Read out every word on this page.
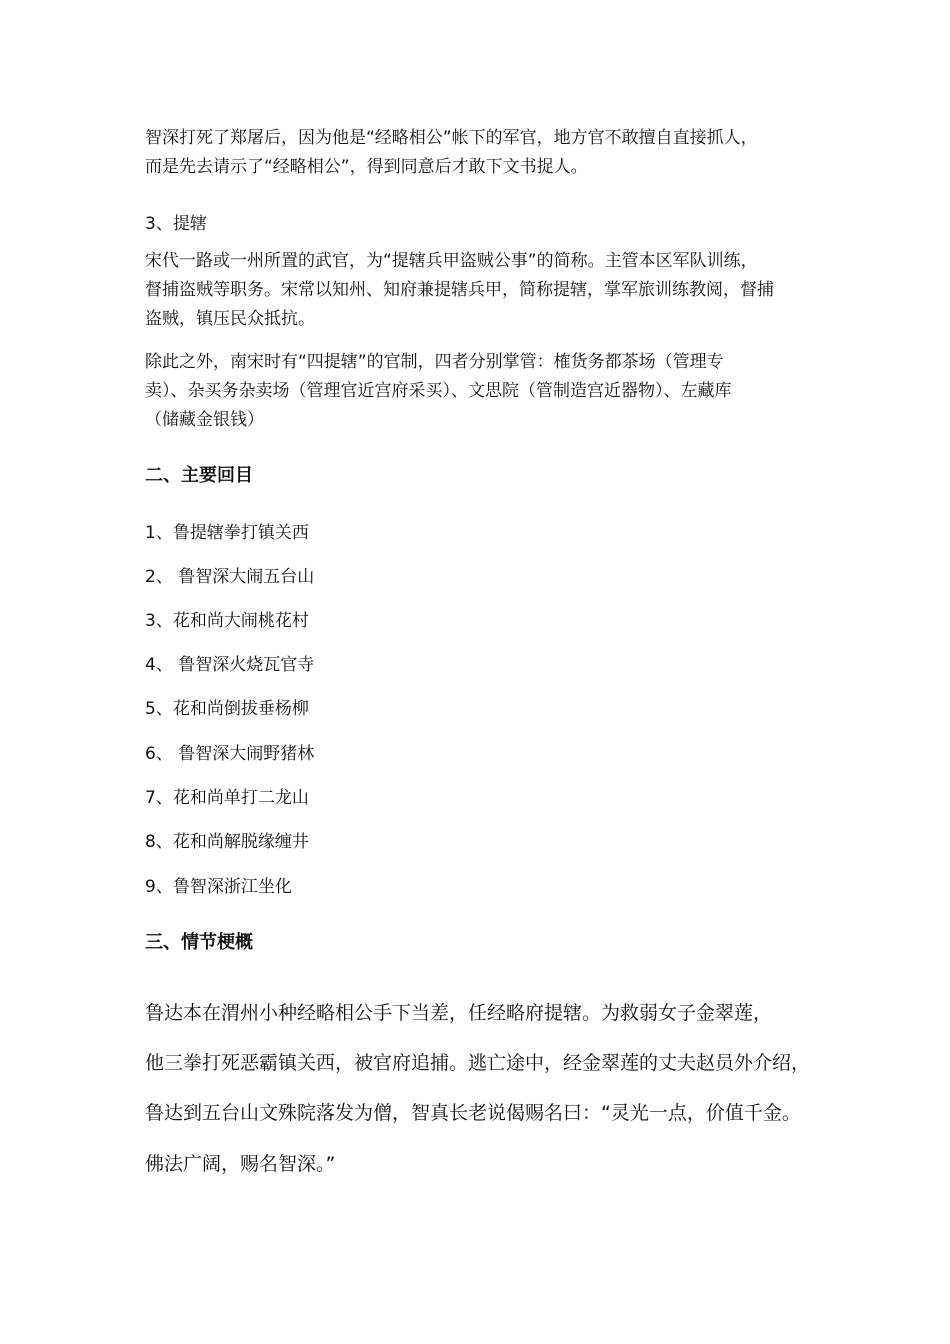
智深打死了郑屠后，因为他是“经略相公”帐下的军官，地方官不敢擅自直接抓人，
而是先去请示了“经略相公”，得到同意后才敢下文书捉人。
3、提辖
宋代一路或一州所置的武官，为“提辖兵甲盗贼公事”的简称。主管本区军队训练，
督捕盗贼等职务。宋常以知州、知府兼提辖兵甲，简称提辖，掌军旅训练教阅，督捕
盗贼，镇压民众抵抗。
除此之外，南宋时有“四提辖”的官制，四者分别掌管：榷货务都茶场（管理专
卖）、杂买务杂卖场（管理官近宫府采买）、文思院（管制造宫近器物）、左藏库
（储藏金银钱）
二、主要回目
1、鲁提辖拳打镇关西
2、 鲁智深大闹五台山
3、花和尚大闹桃花村
4、 鲁智深火烧瓦官寺
5、花和尚倒拔垂杨柳
6、 鲁智深大闹野猪林
7、花和尚单打二龙山
8、花和尚解脱缘缠井
9、鲁智深浙江坐化
三、情节梗概
鲁达本在渭州小种经略相公手下当差，任经略府提辖。为救弱女子金翠莲，
他三拳打死恶霸镇关西，被官府追捕。逃亡途中，经金翠莲的丈夫赵员外介绍，
鲁达到五台山文殊院落发为僧，智真长老说偈赐名曰：“灵光一点，价值千金。
佛法广阔，赐名智深。”
